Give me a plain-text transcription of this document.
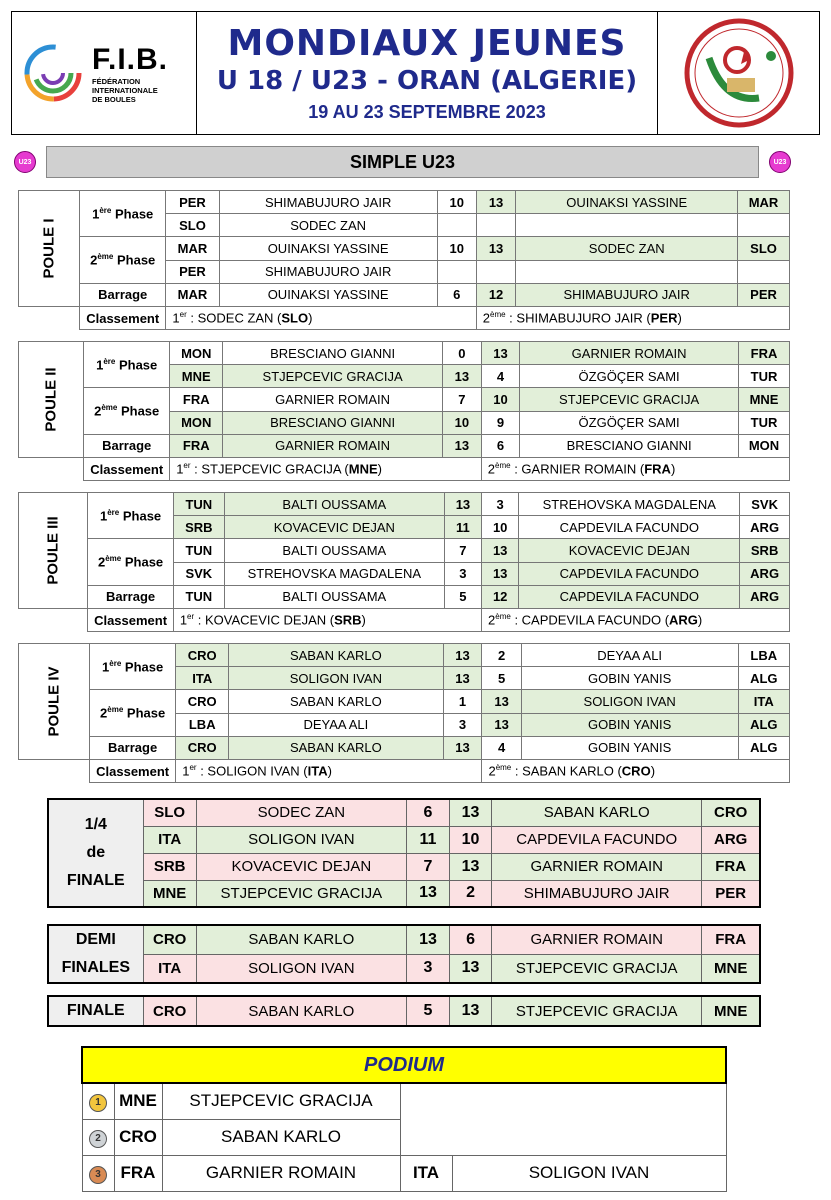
F.I.B.
FÉDÉRATION
INTERNATIONALE
DE BOULES
MONDIAUX JEUNES
U 18 / U23 - ORAN (ALGERIE)
19 AU 23 SEPTEMBRE 2023
U23	SIMPLE U23	U23
POULE I	1ère Phase	PER	SHIMABUJURO JAIR	10	13	OUINAKSI YASSINE	MAR
		SLO	SODEC ZAN				
	2ème Phase	MAR	OUINAKSI YASSINE	10	13	SODEC ZAN	SLO
		PER	SHIMABUJURO JAIR				
	Barrage	MAR	OUINAKSI YASSINE	6	12	SHIMABUJURO JAIR	PER
	Classement	1er : SODEC ZAN (SLO)			2ème : SHIMABUJURO JAIR (PER)		
POULE II	1ère Phase	MON	BRESCIANO GIANNI	0	13	GARNIER ROMAIN	FRA
		MNE	STJEPCEVIC GRACIJA	13	4	ÖZGÖÇER SAMI	TUR
	2ème Phase	FRA	GARNIER ROMAIN	7	10	STJEPCEVIC GRACIJA	MNE
		MON	BRESCIANO GIANNI	10	9	ÖZGÖÇER SAMI	TUR
	Barrage	FRA	GARNIER ROMAIN	13	6	BRESCIANO GIANNI	MON
	Classement	1er : STJEPCEVIC GRACIJA (MNE)			2ème : GARNIER ROMAIN (FRA)		
POULE III	1ère Phase	TUN	BALTI OUSSAMA	13	3	STREHOVSKA MAGDALENA	SVK
		SRB	KOVACEVIC DEJAN	11	10	CAPDEVILA FACUNDO	ARG
	2ème Phase	TUN	BALTI OUSSAMA	7	13	KOVACEVIC DEJAN	SRB
		SVK	STREHOVSKA MAGDALENA	3	13	CAPDEVILA FACUNDO	ARG
	Barrage	TUN	BALTI OUSSAMA	5	12	CAPDEVILA FACUNDO	ARG
	Classement	1er : KOVACEVIC DEJAN (SRB)			2ème : CAPDEVILA FACUNDO (ARG)		
POULE IV	1ère Phase	CRO	SABAN KARLO	13	2	DEYAA ALI	LBA
		ITA	SOLIGON IVAN	13	5	GOBIN YANIS	ALG
	2ème Phase	CRO	SABAN KARLO	1	13	SOLIGON IVAN	ITA
		LBA	DEYAA ALI	3	13	GOBIN YANIS	ALG
	Barrage	CRO	SABAN KARLO	13	4	GOBIN YANIS	ALG
	Classement	1er : SOLIGON IVAN (ITA)			2ème : SABAN KARLO (CRO)		
1/4
de
FINALE	SLO	SODEC ZAN	6	13	SABAN KARLO	CRO
	ITA	SOLIGON IVAN	11	10	CAPDEVILA FACUNDO	ARG
	SRB	KOVACEVIC DEJAN	7	13	GARNIER ROMAIN	FRA
	MNE	STJEPCEVIC GRACIJA	13	2	SHIMABUJURO JAIR	PER
DEMI
FINALES	CRO	SABAN KARLO	13	6	GARNIER ROMAIN	FRA
	ITA	SOLIGON IVAN	3	13	STJEPCEVIC GRACIJA	MNE
FINALE	CRO	SABAN KARLO	5	13	STJEPCEVIC GRACIJA	MNE
PODIUM				
1	MNE	STJEPCEVIC GRACIJA		
2	CRO	SABAN KARLO		
3	FRA	GARNIER ROMAIN	ITA	SOLIGON IVAN
